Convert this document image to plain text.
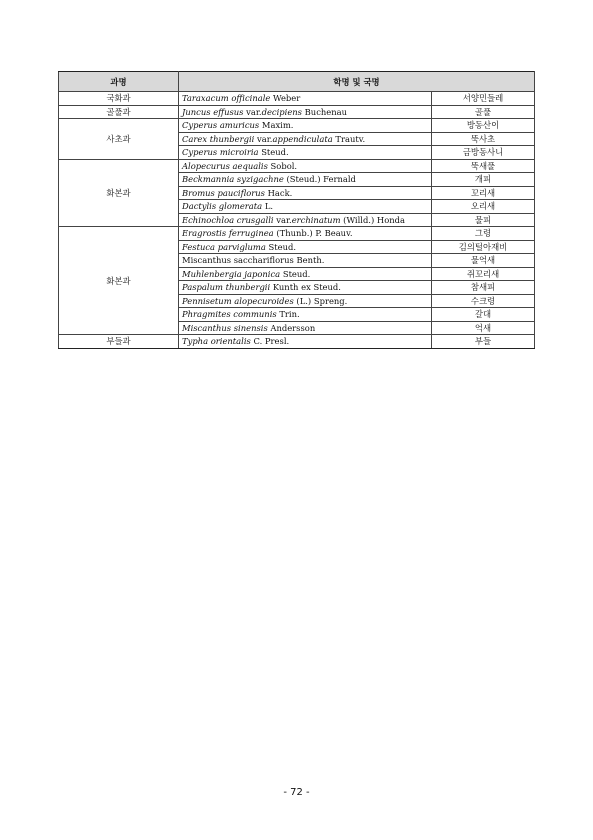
과명	학명 및 국명	
국화과	Taraxacum officinale Weber	서양민들레
골풀과	Juncus effusus var.decipiens Buchenau	골풀
사초과	Cyperus amuricus Maxim.	방동산이
	Carex thunbergii var.appendiculata Trautv.	뚝사초
	Cyperus microiria Steud.	금방동사니
화본과	Alopecurus aequalis Sobol.	뚝새풀
	Beckmannia syzigachne (Steud.) Fernald	개피
	Bromus pauciflorus Hack.	꼬리새
	Dactylis glomerata L.	오리새
	Echinochloa crusgalli var.erchinatum (Willd.) Honda	물피
화본과	Eragrostis ferruginea (Thunb.) P. Beauv.	그령
	Festuca parvigluma Steud.	김의털아재비
	Miscanthus sacchariflorus Benth.	물억새
	Muhlenbergia japonica Steud.	쥐꼬리새
	Paspalum thunbergii Kunth ex Steud.	참새피
	Pennisetum alopecuroides (L.) Spreng.	수크령
	Phragmites communis Trin.	갈대
	Miscanthus sinensis Andersson	억새
부들과	Typha orientalis C. Presl.	부들
- 72 -
